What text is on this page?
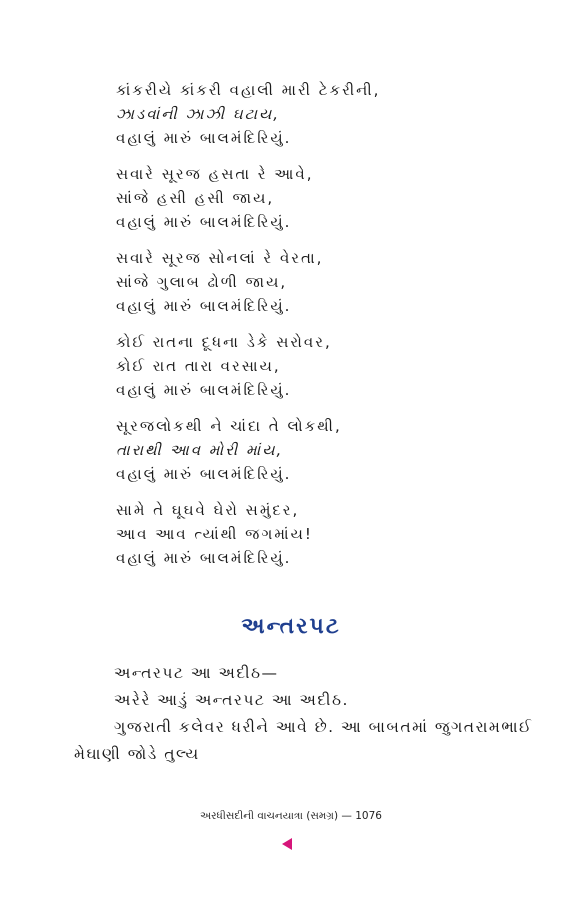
કાંકરીયે કાંકરી વહાલી મારી ટેકરીની,
ઝાડવાંની ઝાઝી ઘટાય,
વહાલું મારું બાલમંદિરિયું.
સવારે સૂરજ હસતા રે આવે,
સાંજે હસી હસી જાય,
વહાલું મારું બાલમંદિરિયું.
સવારે સૂરજ સોનલાં રે વેરતા,
સાંજે ગુલાબ ઢોળી જાય,
વહાલું મારું બાલમંદિરિયું.
કોઈ રાતના દૂધના ડેકે સરોવર,
કોઈ રાત તારા વરસાય,
વહાલું મારું બાલમંદિરિયું.
સૂરજલોકથી ને ચાંદા તે લોકથી,
તારાથી આવ મોરી માંય,
વહાલું મારું બાલમંદિરિયું.
સામે તે ઘૂઘવે ઘેરો સમુંદર,
આવ આવ ત્યાંથી જગમાંય!
વહાલું મારું બાલમંદિરિયું.
અન્તરપટ
અન્તરપટ આ અદીઠ—
અરેરે આડું અન્તરપટ આ અદીઠ.
ગુજરાતી કલેવર ધરીને આવે છે. આ બાબતમાં જુગતરામભાઈ
મેઘાણી જોડે તુલ્ય
અરધીસદીની વાચનયાત્રા (સમગ્ર) — 1076
